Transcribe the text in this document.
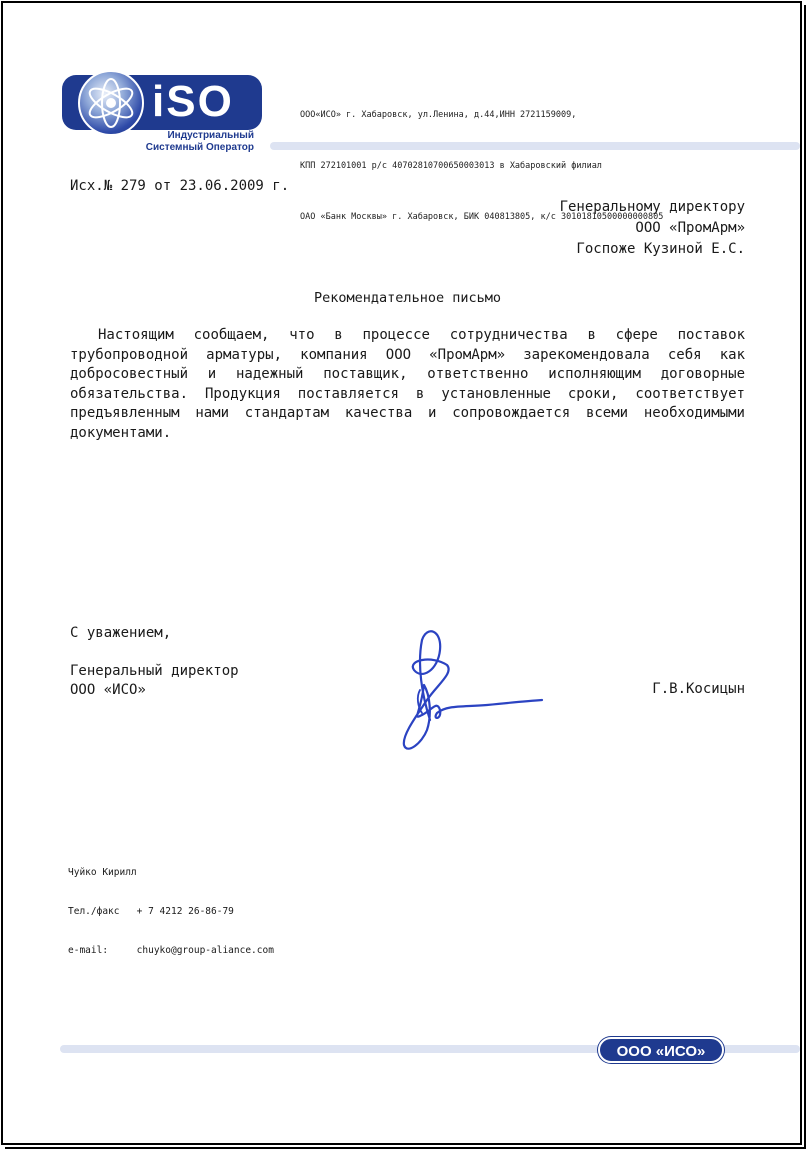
iSO
Индустриальный
Системный Оператор

ООО«ИСО» г. Хабаровск, ул.Ленина, д.44,ИНН 2721159009,

КПП 272101001 р/с 40702810700650003013 в Хабаровский филиал

ОАО «Банк Москвы» г. Хабаровск, БИК 040813805, к/с 30101810500000000805

Исх.№ 279 от 23.06.2009 г.
Генеральному директору
ООО «ПромАрм»
Госпоже Кузиной Е.С.
Рекомендательное письмо
Настоящим сообщаем, что в процессе сотрудничества в сфере поставок трубопроводной арматуры, компания ООО «ПромАрм» зарекомендовала себя как добросовестный и надежный поставщик, ответственно исполняющим договорные обязательства. Продукция поставляется в установленные сроки, соответствует предъявленным нами стандартам качества и сопровождается всеми необходимыми документами.
С уважением,
Генеральный директор
ООО «ИСО»	Г.В.Косицын

Чуйко Кирилл

Тел./факс + 7 4212 26-86-79

e-mail:	chuyko@group-aliance.com

ООО «ИСО»
